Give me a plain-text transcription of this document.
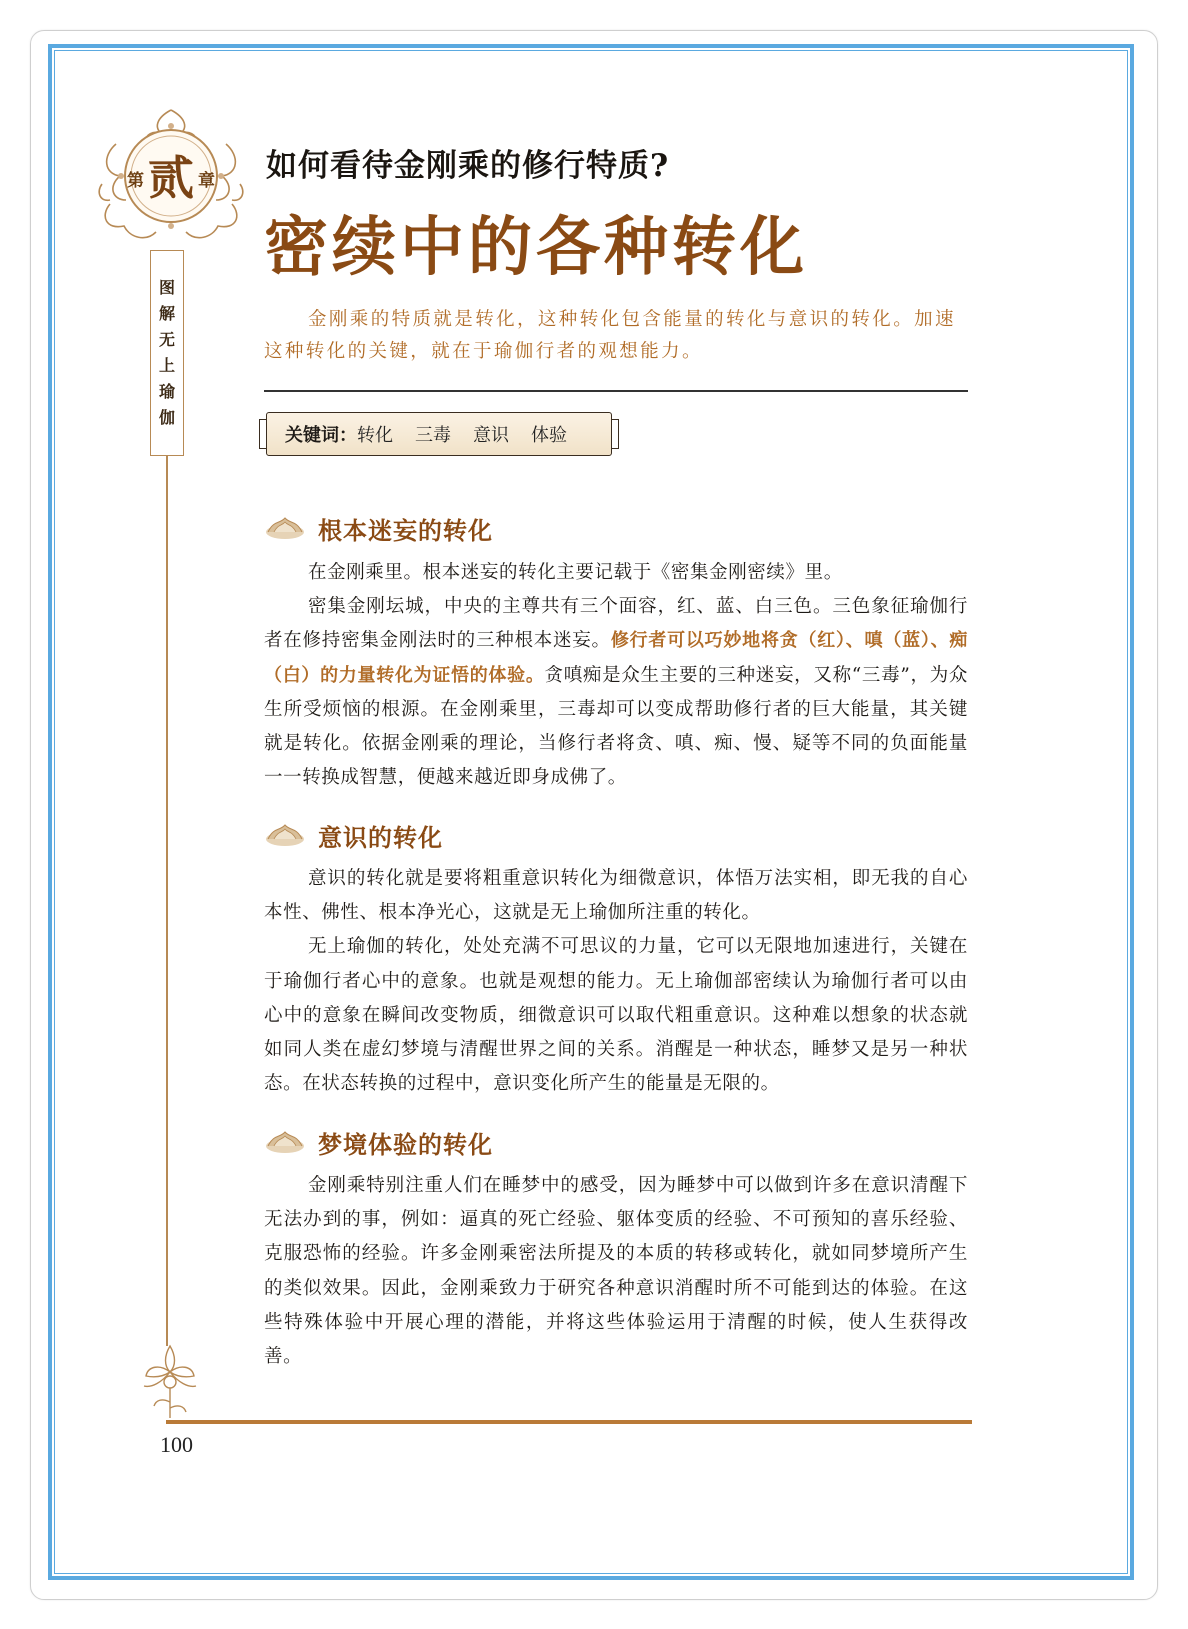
第 贰 章
图
解
无
上
瑜
伽
如何看待金刚乘的修行特质?
密续中的各种转化
金刚乘的特质就是转化，这种转化包含能量的转化与意识的转化。加速这种转化的关键，就在于瑜伽行者的观想能力。
关键词： 转化 三毒 意识 体验
根本迷妄的转化

在金刚乘里。根本迷妄的转化主要记载于《密集金刚密续》里。

密集金刚坛城，中央的主尊共有三个面容，红、蓝、白三色。三色象征瑜伽行者在修持密集金刚法时的三种根本迷妄。修行者可以巧妙地将贪（红）、嗔（蓝）、痴（白）的力量转化为证悟的体验。贪嗔痴是众生主要的三种迷妄，又称“三毒”，为众生所受烦恼的根源。在金刚乘里，三毒却可以变成帮助修行者的巨大能量，其关键就是转化。依据金刚乘的理论，当修行者将贪、嗔、痴、慢、疑等不同的负面能量一一转换成智慧，便越来越近即身成佛了。

意识的转化

意识的转化就是要将粗重意识转化为细微意识，体悟万法实相，即无我的自心本性、佛性、根本净光心，这就是无上瑜伽所注重的转化。

无上瑜伽的转化，处处充满不可思议的力量，它可以无限地加速进行，关键在于瑜伽行者心中的意象。也就是观想的能力。无上瑜伽部密续认为瑜伽行者可以由心中的意象在瞬间改变物质，细微意识可以取代粗重意识。这种难以想象的状态就如同人类在虚幻梦境与清醒世界之间的关系。消醒是一种状态，睡梦又是另一种状态。在状态转换的过程中，意识变化所产生的能量是无限的。

梦境体验的转化

金刚乘特别注重人们在睡梦中的感受，因为睡梦中可以做到许多在意识清醒下无法办到的事，例如：逼真的死亡经验、躯体变质的经验、不可预知的喜乐经验、克服恐怖的经验。许多金刚乘密法所提及的本质的转移或转化，就如同梦境所产生的类似效果。因此，金刚乘致力于研究各种意识消醒时所不可能到达的体验。在这些特殊体验中开展心理的潜能，并将这些体验运用于清醒的时候，使人生获得改善。

100
